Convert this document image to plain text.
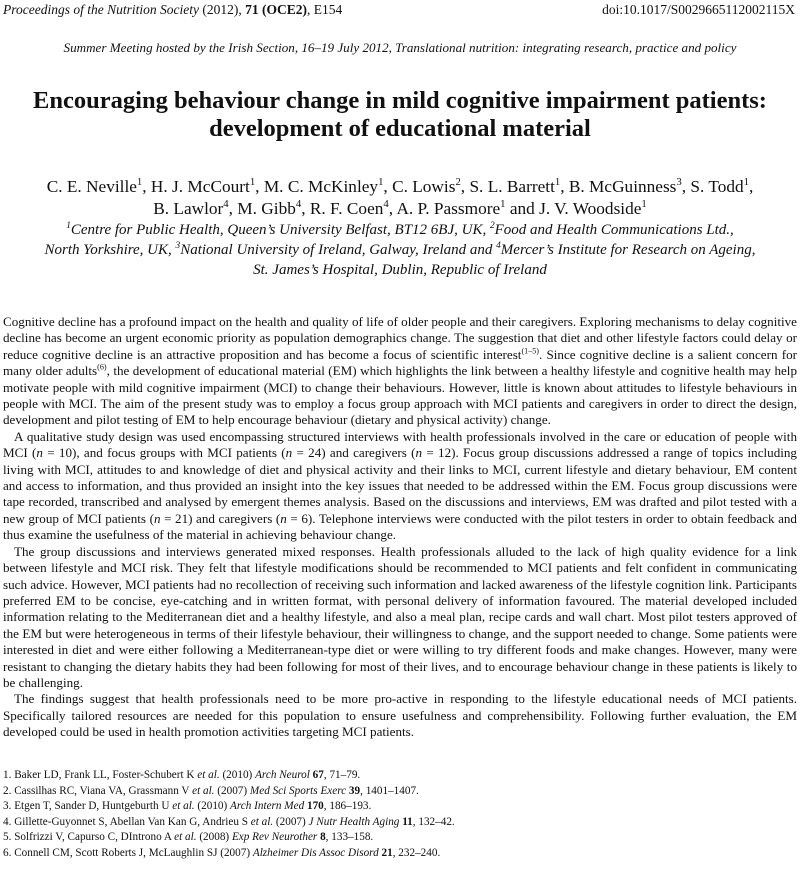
Proceedings of the Nutrition Society (2012), 71 (OCE2), E154	doi:10.1017/S0029665112002115X
Summer Meeting hosted by the Irish Section, 16–19 July 2012, Translational nutrition: integrating research, practice and policy
Encouraging behaviour change in mild cognitive impairment patients:
development of educational material
C. E. Neville$^1$, H. J. McCourt$^1$, M. C. McKinley$^1$, C. Lowis$^2$, S. L. Barrett$^1$, B. McGuinness$^3$, S. Todd$^1$,
B. Lawlor$^4$, M. Gibb$^4$, R. F. Coen$^4$, A. P. Passmore$^1$ and J. V. Woodside$^1$
$^1$Centre for Public Health, Queen’s University Belfast, BT12 6BJ, UK, $^2$Food and Health Communications Ltd.,
North Yorkshire, UK, $^3$National University of Ireland, Galway, Ireland and $^4$Mercer’s Institute for Research on Ageing,
St. James’s Hospital, Dublin, Republic of Ireland

Cognitive decline has a profound impact on the health and quality of life of older people and their caregivers. Exploring mechanisms to delay cognitive decline has become an urgent economic priority as population demographics change. The suggestion that diet and other lifestyle factors could delay or reduce cognitive decline is an attractive proposition and has become a focus of scientific interest$^{(1-5)}$. Since cognitive decline is a salient concern for many older adults$^{(6)}$, the development of educational material (EM) which highlights the link between a healthy lifestyle and cognitive health may help motivate people with mild cognitive impairment (MCI) to change their behaviours. However, little is known about attitudes to lifestyle behaviours in people with MCI. The aim of the present study was to employ a focus group approach with MCI patients and caregivers in order to direct the design, development and pilot testing of EM to help encourage behaviour (dietary and physical activity) change.

A qualitative study design was used encompassing structured interviews with health professionals involved in the care or education of people with MCI (n = 10), and focus groups with MCI patients (n = 24) and caregivers (n = 12). Focus group discussions addressed a range of topics including living with MCI, attitudes to and knowledge of diet and physical activity and their links to MCI, current lifestyle and dietary behaviour, EM content and access to information, and thus provided an insight into the key issues that needed to be addressed within the EM. Focus group discussions were tape recorded, transcribed and analysed by emergent themes analysis. Based on the discussions and interviews, EM was drafted and pilot tested with a new group of MCI patients (n = 21) and caregivers (n = 6). Telephone interviews were conducted with the pilot testers in order to obtain feedback and thus examine the usefulness of the material in achieving behaviour change.

The group discussions and interviews generated mixed responses. Health professionals alluded to the lack of high quality evidence for a link between lifestyle and MCI risk. They felt that lifestyle modifications should be recommended to MCI patients and felt confident in communicating such advice. However, MCI patients had no recollection of receiving such information and lacked awareness of the lifestyle cognition link. Participants preferred EM to be concise, eye-catching and in written format, with personal delivery of information favoured. The material developed included information relating to the Mediterranean diet and a healthy lifestyle, and also a meal plan, recipe cards and wall chart. Most pilot testers approved of the EM but were heterogeneous in terms of their lifestyle behaviour, their willingness to change, and the support needed to change. Some patients were interested in diet and were either following a Mediterranean-type diet or were willing to try different foods and make changes. However, many were resistant to changing the dietary habits they had been following for most of their lives, and to encourage behaviour change in these patients is likely to be challenging.

The findings suggest that health professionals need to be more pro-active in responding to the lifestyle educational needs of MCI patients. Specifically tailored resources are needed for this population to ensure usefulness and comprehensibility. Following further evaluation, the EM developed could be used in health promotion activities targeting MCI patients.

1. Baker LD, Frank LL, Foster-Schubert K et al. (2010) Arch Neurol 67, 71–79.
2. Cassilhas RC, Viana VA, Grassmann V et al. (2007) Med Sci Sports Exerc 39, 1401–1407.
3. Etgen T, Sander D, Huntgeburth U et al. (2010) Arch Intern Med 170, 186–193.
4. Gillette-Guyonnet S, Abellan Van Kan G, Andrieu S et al. (2007) J Nutr Health Aging 11, 132–42.
5. Solfrizzi V, Capurso C, DIntrono A et al. (2008) Exp Rev Neurother 8, 133–158.
6. Connell CM, Scott Roberts J, McLaughlin SJ (2007) Alzheimer Dis Assoc Disord 21, 232–240.
